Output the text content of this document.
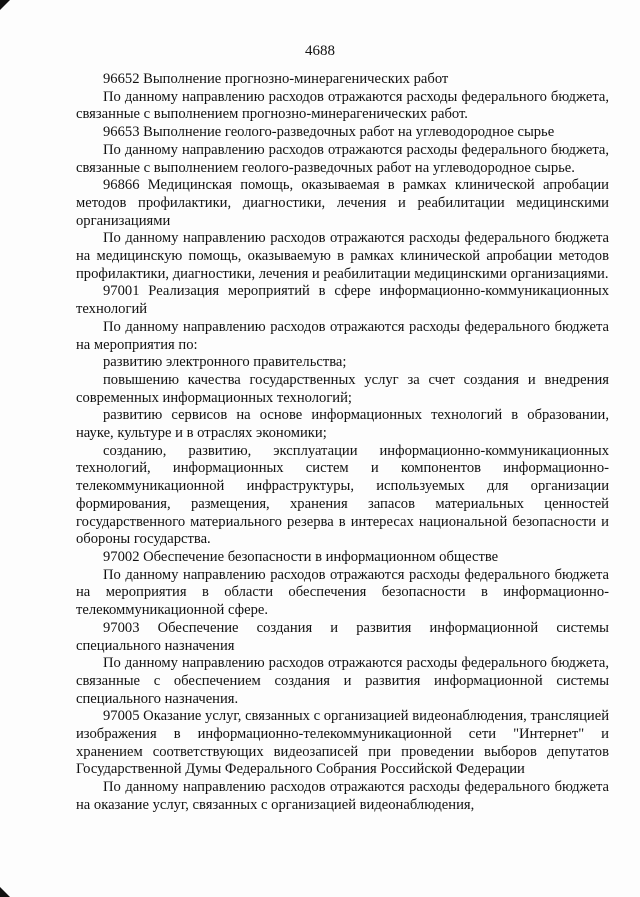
4688

96652 Выполнение прогнозно-минерагенических работ

По данному направлению расходов отражаются расходы федерального бюджета, связанные с выполнением прогнозно-минерагенических работ.

96653 Выполнение геолого-разведочных работ на углеводородное сырье

По данному направлению расходов отражаются расходы федерального бюджета, связанные с выполнением геолого-разведочных работ на углеводородное сырье.

96866 Медицинская помощь, оказываемая в рамках клинической апробации методов профилактики, диагностики, лечения и реабилитации медицинскими организациями

По данному направлению расходов отражаются расходы федерального бюджета на медицинскую помощь, оказываемую в рамках клинической апробации методов профилактики, диагностики, лечения и реабилитации медицинскими организациями.

97001 Реализация мероприятий в сфере информационно-коммуникационных технологий

По данному направлению расходов отражаются расходы федерального бюджета на мероприятия по:

развитию электронного правительства;

повышению качества государственных услуг за счет создания и внедрения современных информационных технологий;

развитию сервисов на основе информационных технологий в образовании, науке, культуре и в отраслях экономики;

созданию, развитию, эксплуатации информационно-коммуникационных технологий, информационных систем и компонентов информационно-телекоммуникационной инфраструктуры, используемых для организации формирования, размещения, хранения запасов материальных ценностей государственного материального резерва в интересах национальной безопасности и обороны государства.

97002 Обеспечение безопасности в информационном обществе

По данному направлению расходов отражаются расходы федерального бюджета на мероприятия в области обеспечения безопасности в информационно-телекоммуникационной сфере.

97003 Обеспечение создания и развития информационной системы специального назначения

По данному направлению расходов отражаются расходы федерального бюджета, связанные с обеспечением создания и развития информационной системы специального назначения.

97005 Оказание услуг, связанных с организацией видеонаблюдения, трансляцией изображения в информационно-телекоммуникационной сети "Интернет" и хранением соответствующих видеозаписей при проведении выборов депутатов Государственной Думы Федерального Собрания Российской Федерации

По данному направлению расходов отражаются расходы федерального бюджета на оказание услуг, связанных с организацией видеонаблюдения,
